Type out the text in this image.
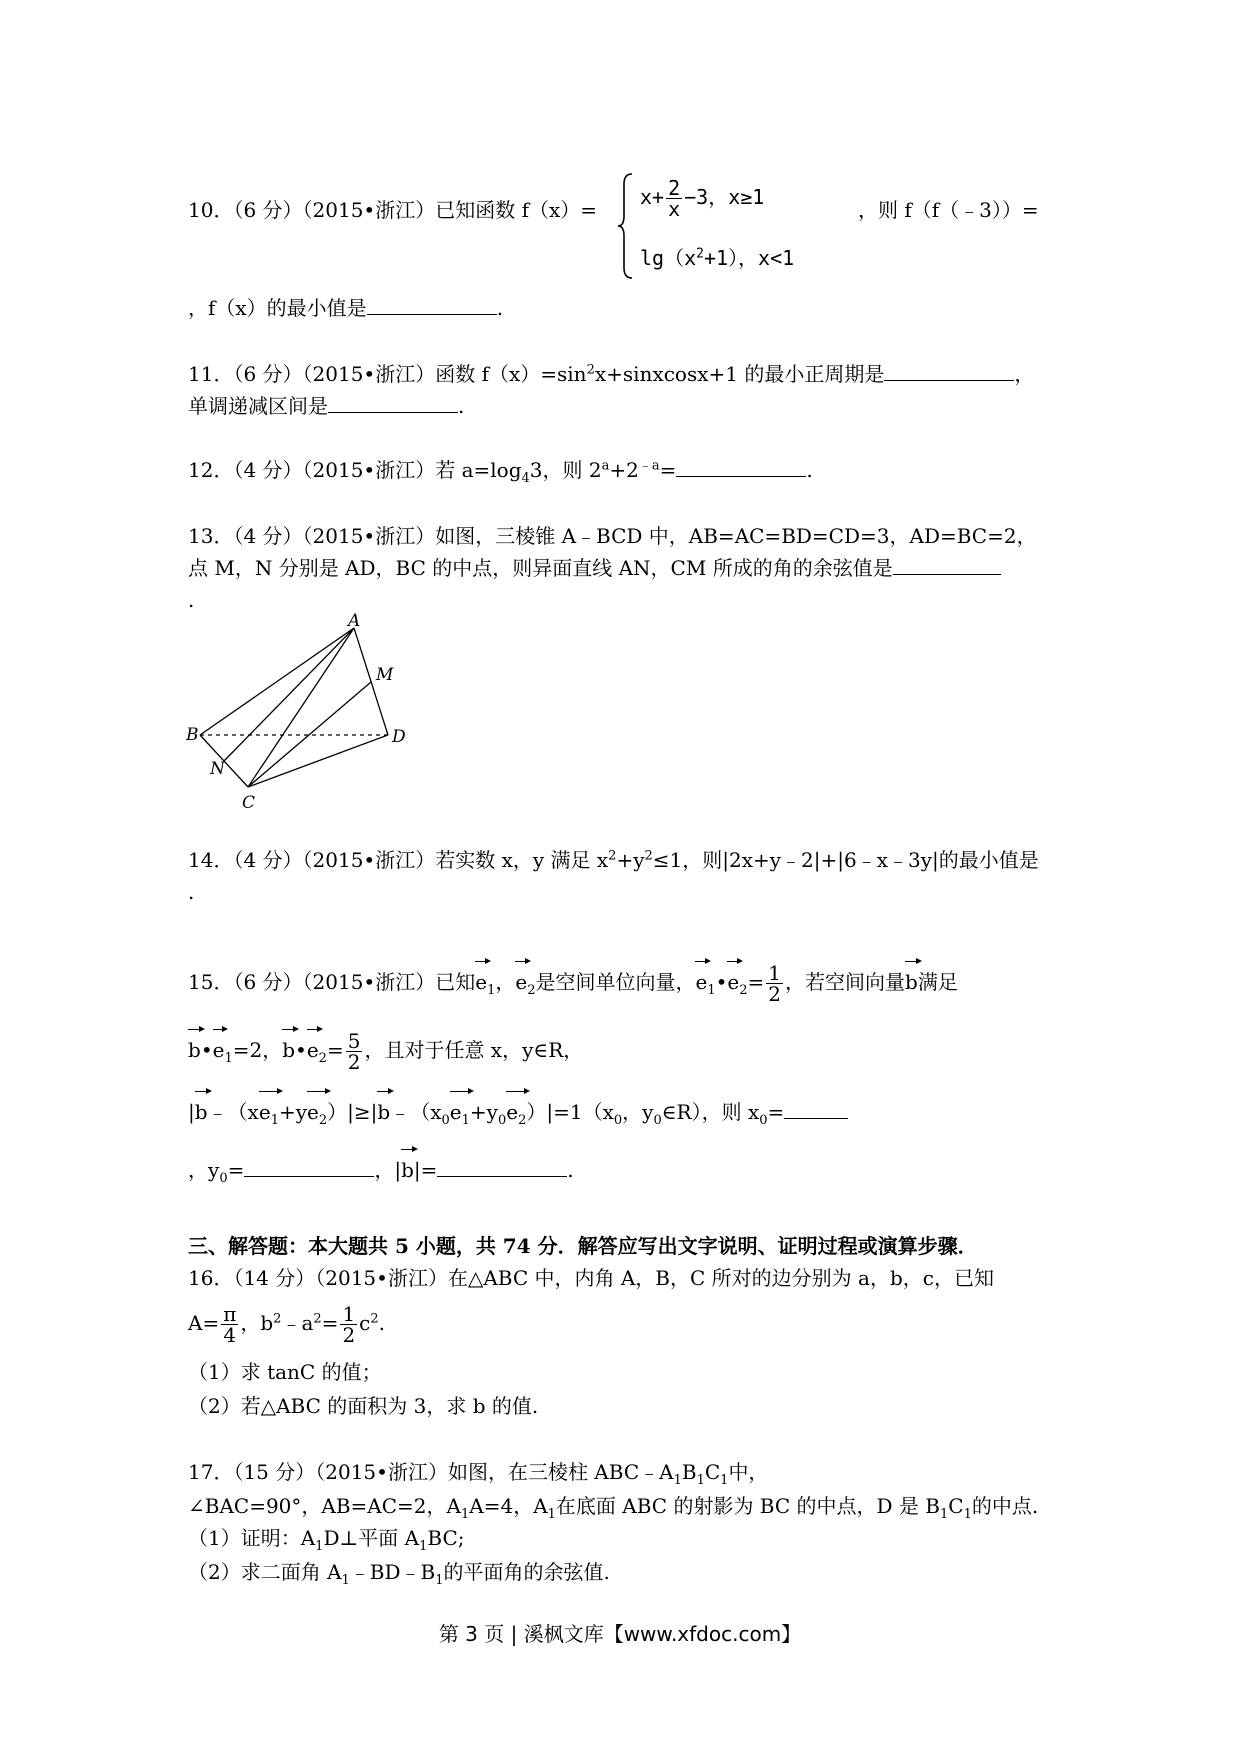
10．（6 分）（2015•浙江）已知函数 f（x）=
$x+ \frac{2}{x} -3$，x≥1
$\lg(x^2+1)$，x<1
，则 f（f（﹣3））=
，f（x）的最小值是	.
11．（6 分）（2015•浙江）函数 $f(x)=\sin^2x+sinxcosx+1$ 的最小正周期是	，
单调递减区间是	.
12．（4 分）（2015•浙江）若 $a=\log_43$，则 $2^a+2^{﹣a}=$	.
13．（4 分）（2015•浙江）如图，三棱锥 A﹣BCD 中，AB=AC=BD=CD=3，AD=BC=2，
点 M，N 分别是 AD，BC 的中点，则异面直线 AN，CM 所成的角的余弦值是
.
A
M
B	D
N
C
14．（4 分）（2015•浙江）若实数 x，y 满足 $x^2+y^2\le 1$，则|2x+y﹣2|+|6﹣x﹣3y|的最小值是
.
15．（6 分）（2015•浙江）已知$e_1$，$e_2$是空间单位向量，$e_1•e_2= \frac{1}{2}$ ，若空间向量b满足
$b•e_1=2$，$b•e_2= \frac{5}{2}$ ，且对于任意 x，y∈R，
$|b﹣(xe_1+ye_2)|\ge|b﹣(x_0e_1+y_0e_2)|=1(x_0$，$y_0\in R$），则 $x_0=$
，$y_0=$	，|b|=	.
三、解答题：本大题共 5 小题，共 74 分．解答应写出文字说明、证明过程或演算步骤．
16．（14 分）（2015•浙江）在△ABC 中，内角 A，B，C 所对的边分别为 a，b，c，已知
$A= \frac{\pi}{4}$ ，$b^2﹣a^2= \frac{1}{2} c^2$.
（1）求 tanC 的值；
（2）若△ABC 的面积为 3，求 b 的值.
17．（15 分）（2015•浙江）如图，在三棱柱 $ABC﹣A_1B_1C_1$中，
∠BAC=90°，AB=AC=2，$A_1A=4$，$A_1$在底面 ABC 的射影为 BC 的中点，D 是 $B_1C_1$的中点.
（1）证明：$A_1D\perp$平面 $A_1BC$;
（2）求二面角 $A_1﹣BD﹣B_1$的平面角的余弦值.
第 3 页 | 溪枫文库【www.xfdoc.com】
